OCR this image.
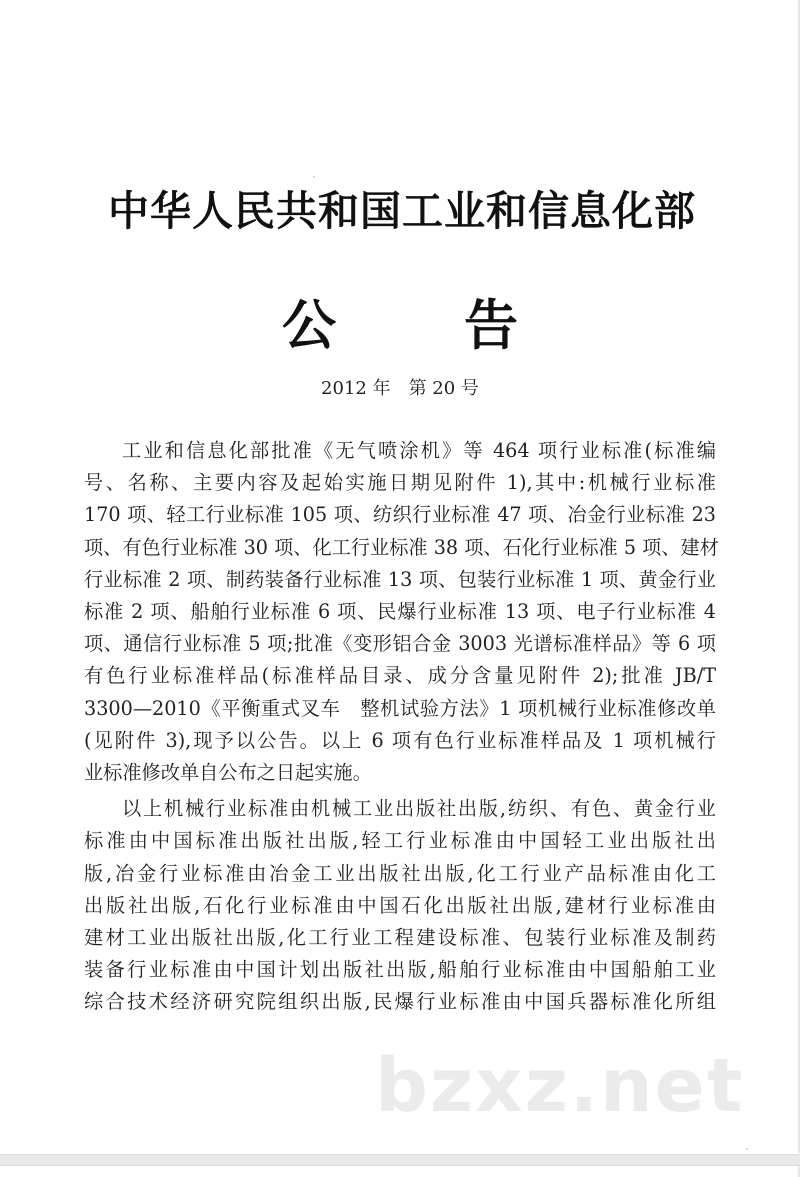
中华人民共和国工业和信息化部
公 告
2012 年 第 20 号
工业和信息化部批准《无气喷涂机》等 464 项行业标准(标准编
号、名称、主要内容及起始实施日期见附件 1),其中:机械行业标准
170 项、轻工行业标准 105 项、纺织行业标准 47 项、冶金行业标准 23
项、有色行业标准 30 项、化工行业标准 38 项、石化行业标准 5 项、建材
行业标准 2 项、制药装备行业标准 13 项、包装行业标准 1 项、黄金行业
标准 2 项、船舶行业标准 6 项、民爆行业标准 13 项、电子行业标准 4
项、通信行业标准 5 项;批准《变形铝合金 3003 光谱标准样品》等 6 项
有色行业标准样品(标准样品目录、成分含量见附件 2);批准 JB/T
3300—2010《平衡重式叉车　整机试验方法》1 项机械行业标准修改单
(见附件 3),现予以公告。以上 6 项有色行业标准样品及 1 项机械行
业标准修改单自公布之日起实施。
以上机械行业标准由机械工业出版社出版,纺织、有色、黄金行业
标准由中国标准出版社出版,轻工行业标准由中国轻工业出版社出
版,冶金行业标准由冶金工业出版社出版,化工行业产品标准由化工
出版社出版,石化行业标准由中国石化出版社出版,建材行业标准由
建材工业出版社出版,化工行业工程建设标准、包装行业标准及制药
装备行业标准由中国计划出版社出版,船舶行业标准由中国船舶工业
综合技术经济研究院组织出版,民爆行业标准由中国兵器标准化所组
bzxz.net
